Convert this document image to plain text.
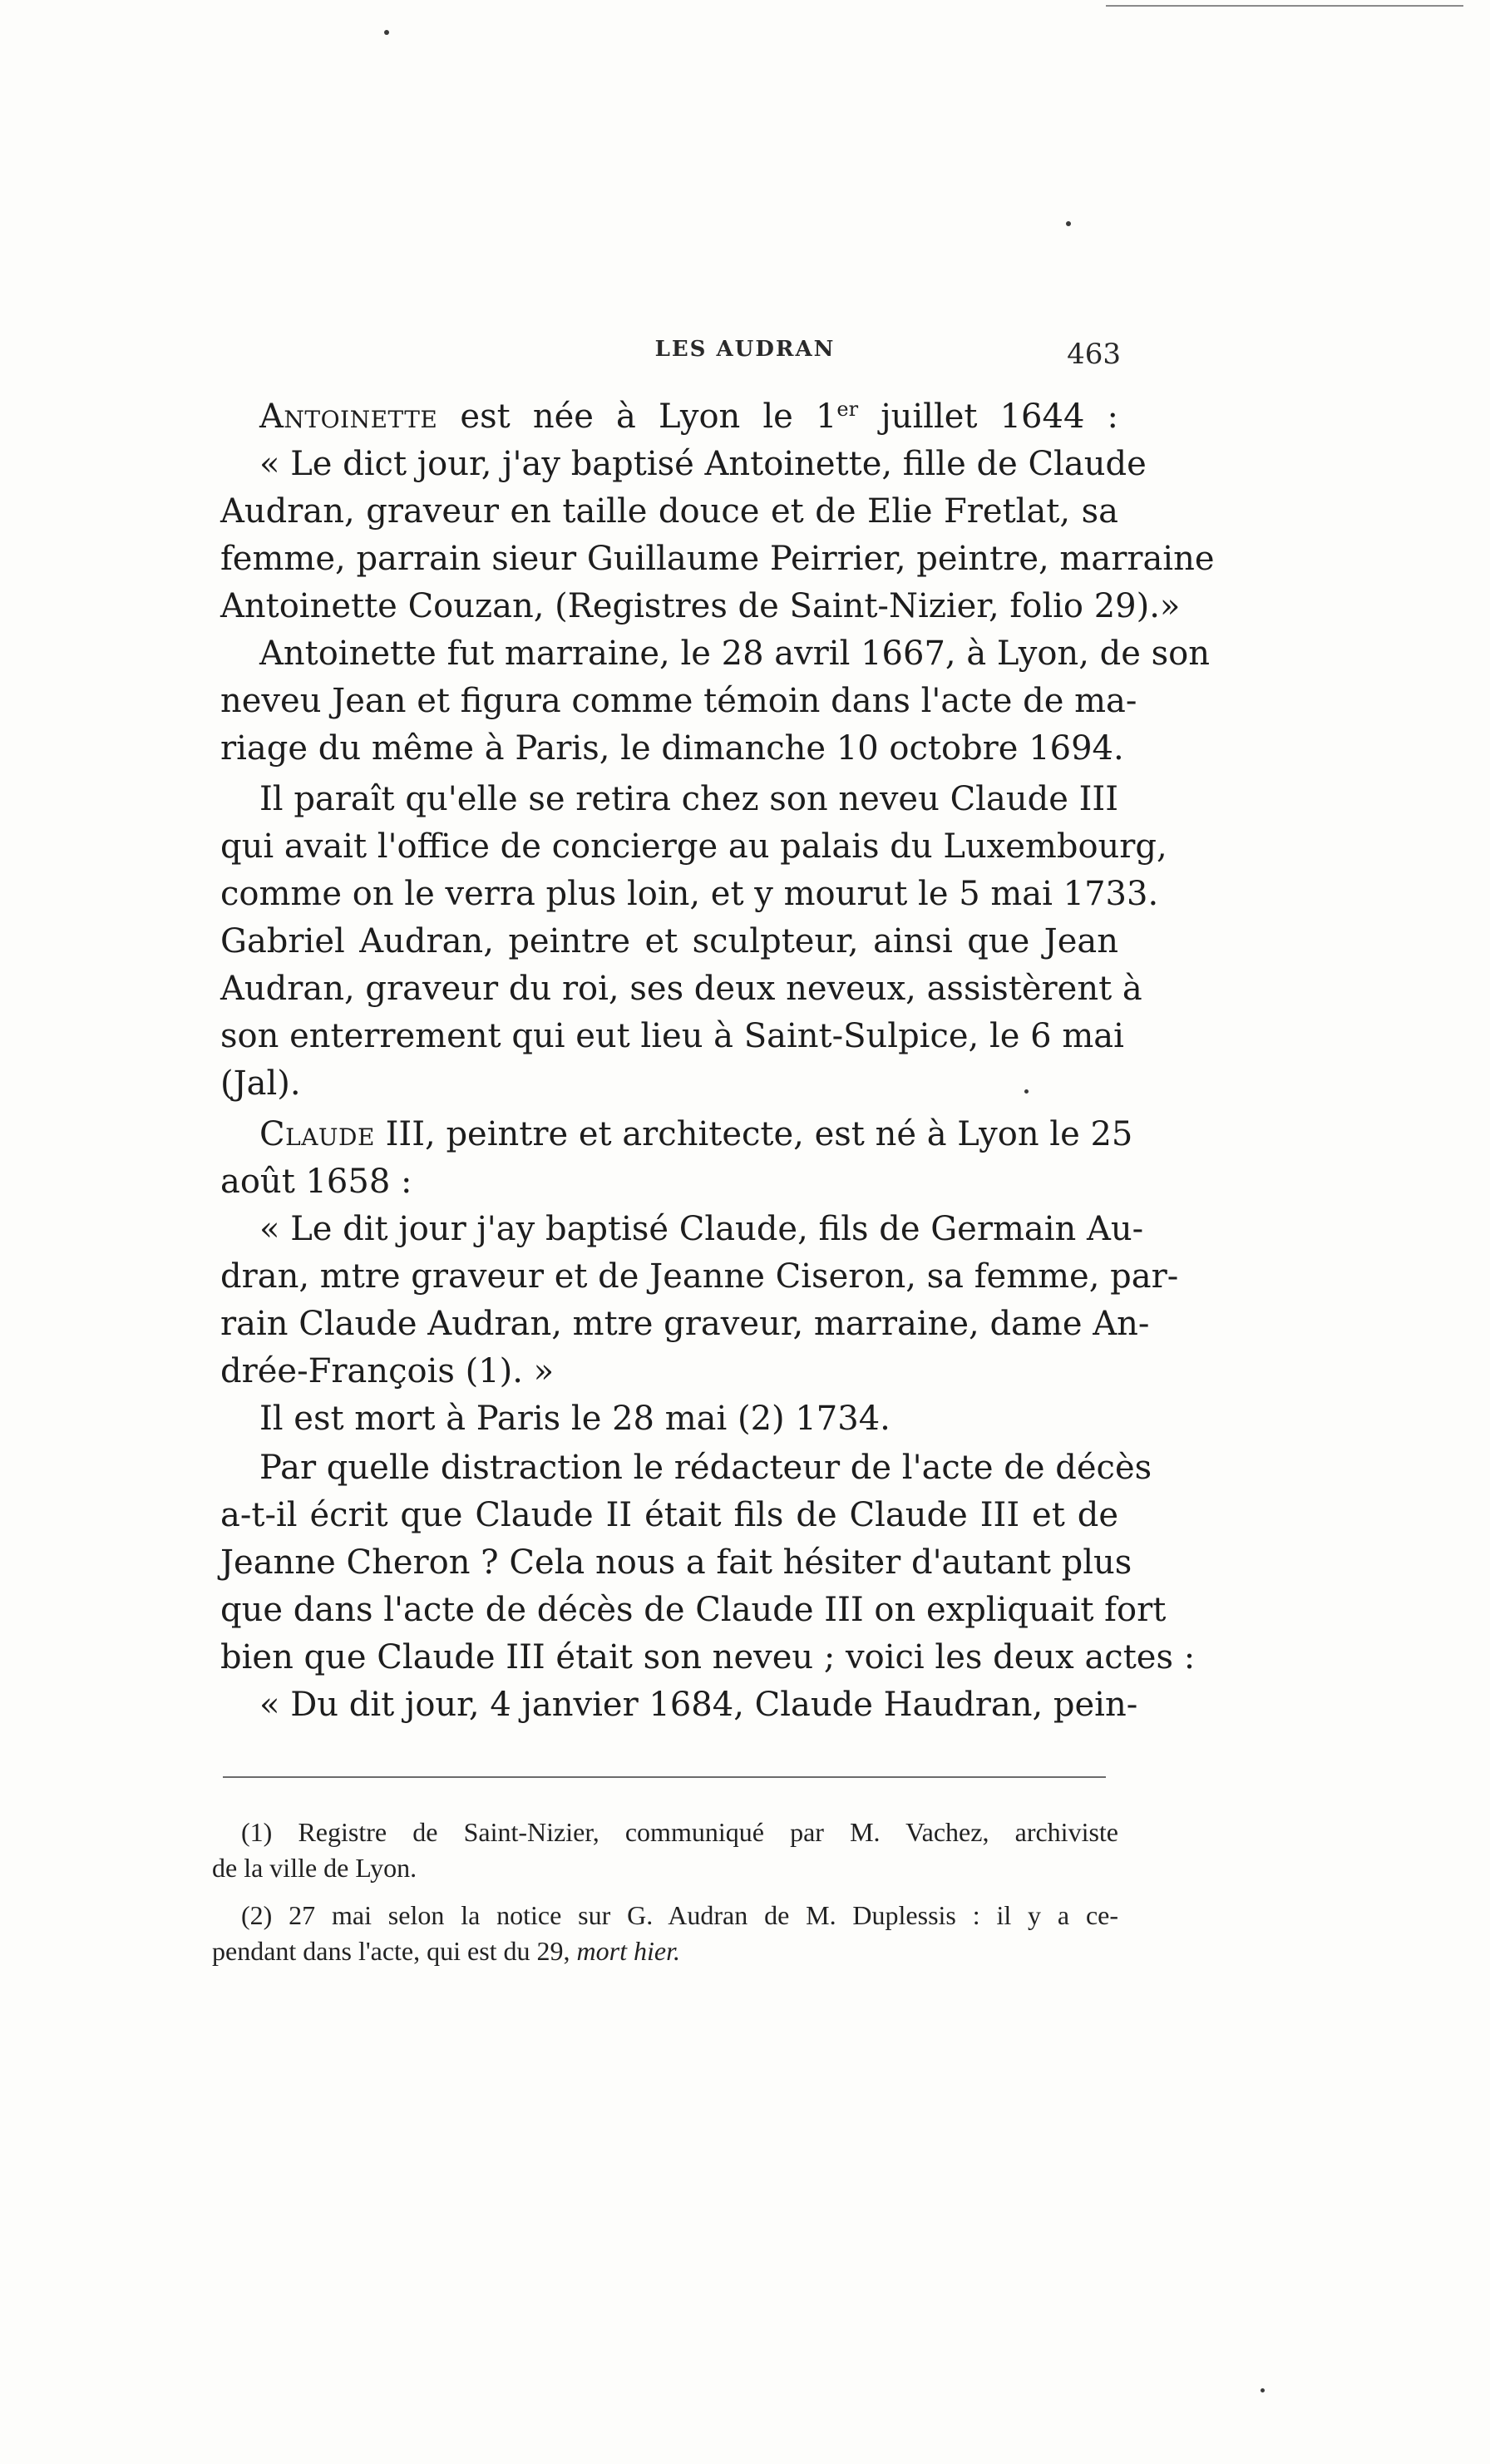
LES AUDRAN	463

Antoinette est née à Lyon le 1er juillet 1644 :

« Le dict jour, j'ay baptisé Antoinette, fille de Claude

Audran, graveur en taille douce et de Elie Fretlat, sa

femme, parrain sieur Guillaume Peirrier, peintre, marraine

Antoinette Couzan, (Registres de Saint-Nizier, folio 29).»

Antoinette fut marraine, le 28 avril 1667, à Lyon, de son

neveu Jean et figura comme témoin dans l'acte de ma-

riage du même à Paris, le dimanche 10 octobre 1694.

Il paraît qu'elle se retira chez son neveu Claude III

qui avait l'office de concierge au palais du Luxembourg,

comme on le verra plus loin, et y mourut le 5 mai 1733.

Gabriel Audran, peintre et sculpteur, ainsi que Jean

Audran, graveur du roi, ses deux neveux, assistèrent à

son enterrement qui eut lieu à Saint-Sulpice, le 6 mai

(Jal).

Claude III, peintre et architecte, est né à Lyon le 25

août 1658 :

« Le dit jour j'ay baptisé Claude, fils de Germain Au-

dran, mtre graveur et de Jeanne Ciseron, sa femme, par-

rain Claude Audran, mtre graveur, marraine, dame An-

drée-François (1). »

Il est mort à Paris le 28 mai (2) 1734.

Par quelle distraction le rédacteur de l'acte de décès

a-t-il écrit que Claude II était fils de Claude III et de

Jeanne Cheron ? Cela nous a fait hésiter d'autant plus

que dans l'acte de décès de Claude III on expliquait fort

bien que Claude III était son neveu ; voici les deux actes :

« Du dit jour, 4 janvier 1684, Claude Haudran, pein-

(1) Registre de Saint-Nizier, communiqué par M. Vachez, archiviste

de la ville de Lyon.

(2) 27 mai selon la notice sur G. Audran de M. Duplessis : il y a ce-

pendant dans l'acte, qui est du 29, mort hier.
